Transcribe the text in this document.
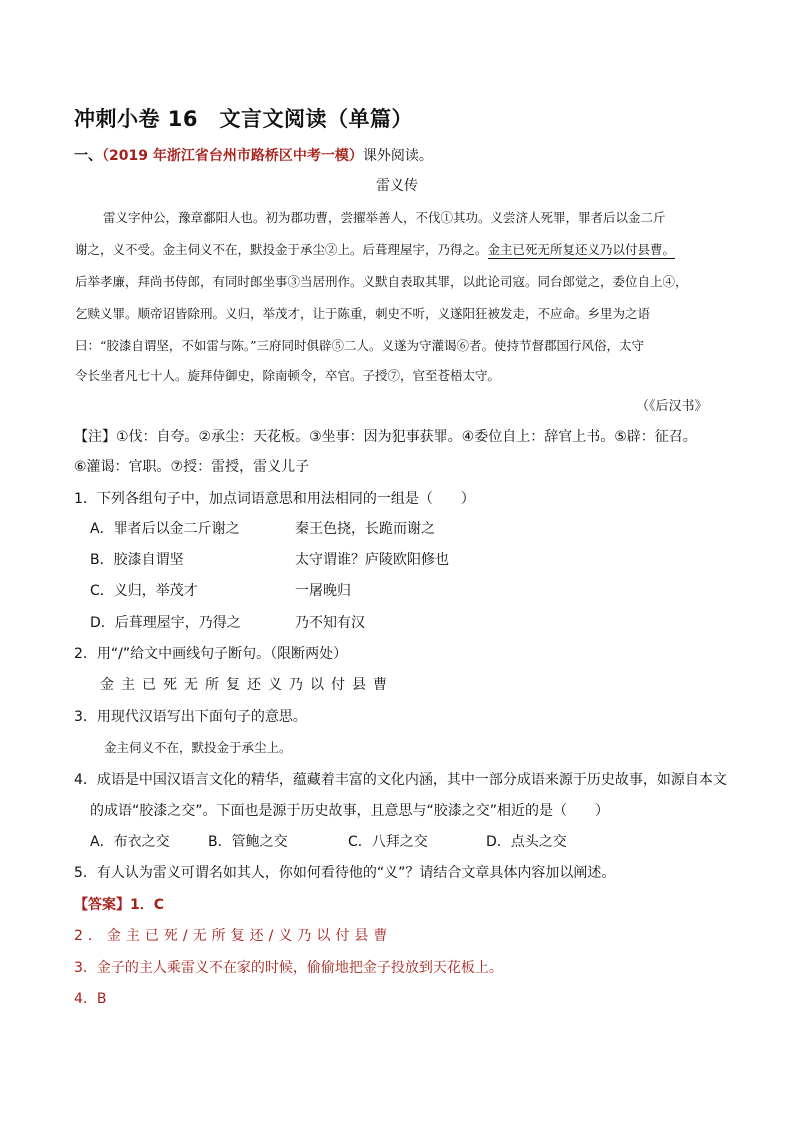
冲刺小卷 16　文言文阅读（单篇）
一、（2019 年浙江省台州市路桥区中考一模）课外阅读。
雷义传
雷义字仲公，豫章鄱阳人也。初为郡功曹，尝擢举善人，不伐①其功。义尝济人死罪，罪者后以金二斤
谢之，义不受。金主伺义不在，默投金于承尘②上。后葺理屋宇，乃得之。金主已死无所复还义乃以付县曹。
后举孝廉，拜尚书侍郎，有同时郎坐事③当居刑作。义默自表取其罪，以此论司寇。同台郎觉之，委位自上④，
乞赎义罪。顺帝诏皆除刑。义归，举茂才，让于陈重，刺史不听，义遂阳狂被发走，不应命。乡里为之语
曰：“胶漆自谓坚，不如雷与陈。”三府同时俱辟⑤二人。义遂为守灌谒⑥者。使持节督郡国行风俗，太守
令长坐者凡七十人。旋拜侍御史，除南顿令，卒官。子授⑦，官至苍梧太守。
（《后汉书》
【注】①伐：自夸。②承尘：天花板。③坐事：因为犯事获罪。④委位自上：辞官上书。⑤辟：征召。
⑥灌谒：官职。⑦授：雷授，雷义儿子
1．下列各组句子中，加点词语意思和用法相同的一组是（　　）
A．罪者后以金二斤谢之	秦王色挠，长跪而谢之
B．胶漆自谓坚	太守谓谁？庐陵欧阳修也
C．义归，举茂才	一屠晚归
D．后葺理屋宇，乃得之	乃不知有汉
2．用“/”给文中画线句子断句。（限断两处）
金主已死无所复还义乃以付县曹
3．用现代汉语写出下面句子的意思。
金主伺义不在，默投金于承尘上。
4．成语是中国汉语言文化的精华，蕴藏着丰富的文化内涵，其中一部分成语来源于历史故事，如源自本文
的成语“胶漆之交”。下面也是源于历史故事，且意思与“胶漆之交”相近的是（　　）
A．布衣之交	B．管鲍之交	C．八拜之交	D．点头之交
5．有人认为雷义可谓名如其人，你如何看待他的“义”？请结合文章具体内容加以阐述。
【答案】1．C
2．金主已死/无所复还/义乃以付县曹
3．金子的主人乘雷义不在家的时候，偷偷地把金子投放到天花板上。
4．B
